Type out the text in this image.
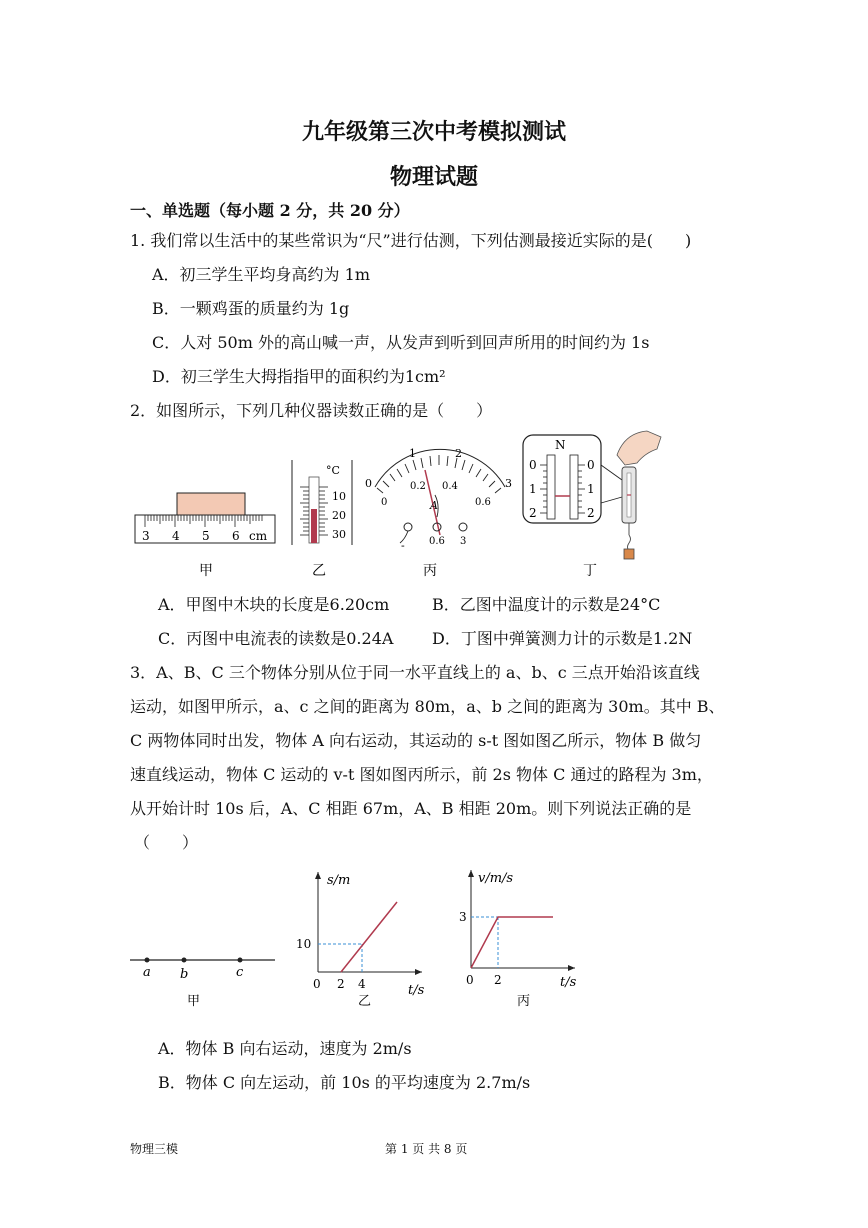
九年级第三次中考模拟测试
物理试题
一、单选题（每小题 2 分，共 20 分）
1. 我们常以生活中的某些常识为“尺”进行估测，下列估测最接近实际的是(　　)
A．初三学生平均身高约为 1m
B．一颗鸡蛋的质量约为 1g
C．人对 50m 外的高山喊一声，从发声到听到回声所用的时间约为 1s
D．初三学生大拇指指甲的面积约为1cm²
2．如图所示，下列几种仪器读数正确的是（　　）
3 4 5 6 cm
°C
10
20
30
0
1	2
3
0
0.2 0.4
0.6
A
- 0.6 3
N
0
1
2
0
1
2
甲	乙	丙	丁
A．甲图中木块的长度是6.20cm	B．乙图中温度计的示数是24°C
C．丙图中电流表的读数是0.24A D．丁图中弹簧测力计的示数是1.2N
3．A、B、C 三个物体分别从位于同一水平直线上的 a、b、c 三点开始沿该直线
运动，如图甲所示，a、c 之间的距离为 80m，a、b 之间的距离为 30m。其中 B、
C 两物体同时出发，物体 A 向右运动，其运动的 s-t 图如图乙所示，物体 B 做匀
速直线运动，物体 C 运动的 v-t 图如图丙所示，前 2s 物体 C 通过的路程为 3m，
从开始计时 10s 后，A、C 相距 67m，A、B 相距 20m。则下列说法正确的是
（　　）
a b	c
甲
s/m
t/s
0 2 4
10
乙
v/m/s
t/s
0 2
3
丙
A．物体 B 向右运动，速度为 2m/s
B．物体 C 向左运动，前 10s 的平均速度为 2.7m/s
物理三模	第 1 页 共 8 页
